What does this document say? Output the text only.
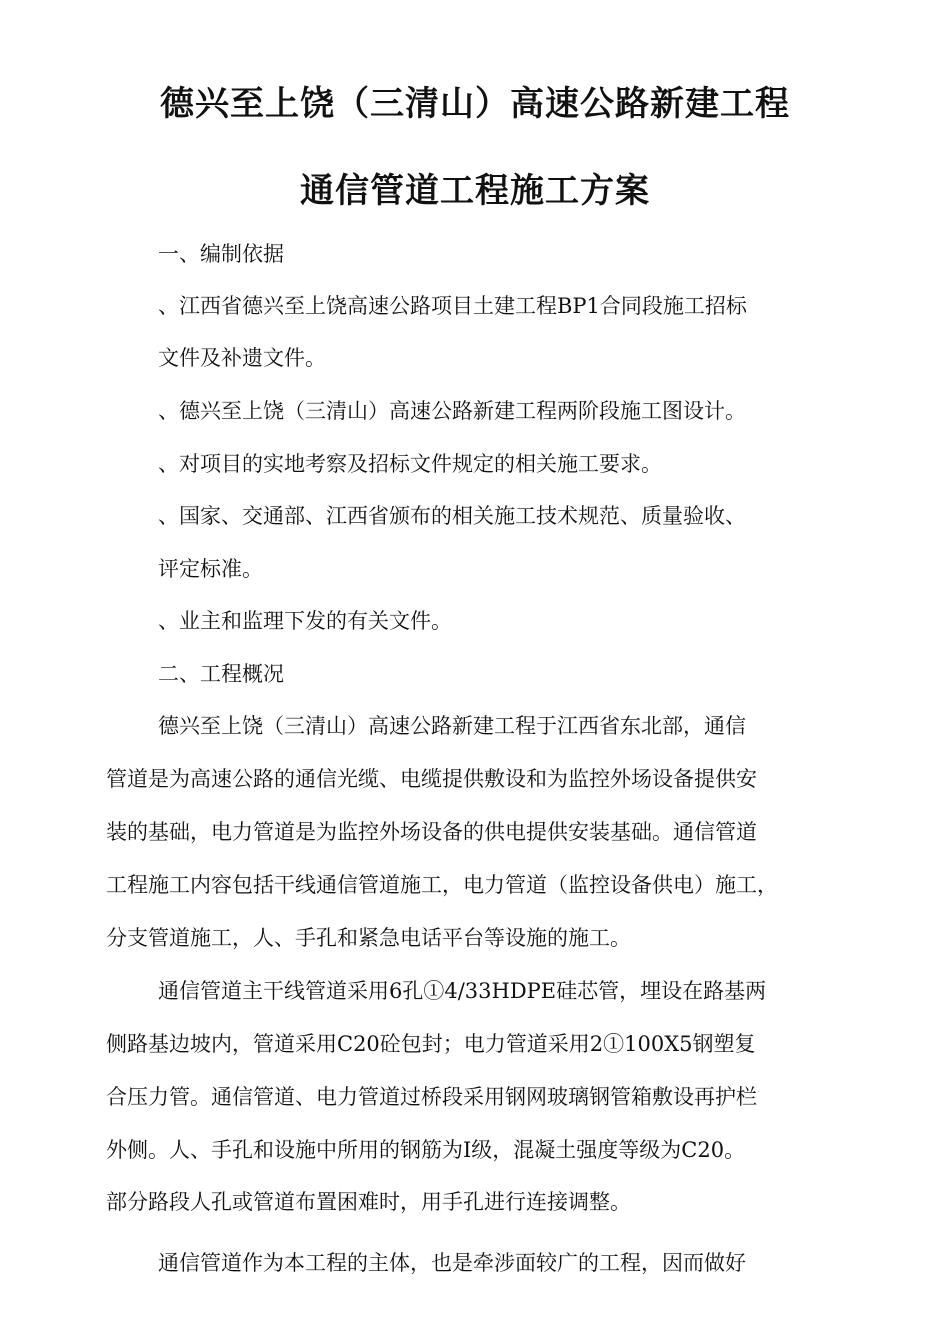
德兴至上饶（三清山）高速公路新建工程
通信管道工程施工方案
一、编制依据
、江西省德兴至上饶高速公路项目土建工程BP1合同段施工招标
文件及补遗文件。
、德兴至上饶（三清山）高速公路新建工程两阶段施工图设计。
、对项目的实地考察及招标文件规定的相关施工要求。
、国家、交通部、江西省颁布的相关施工技术规范、质量验收、
评定标准。
、业主和监理下发的有关文件。
二、工程概况
德兴至上饶（三清山）高速公路新建工程于江西省东北部，通信
管道是为高速公路的通信光缆、电缆提供敷设和为监控外场设备提供安
装的基础，电力管道是为监控外场设备的供电提供安装基础。通信管道
工程施工内容包括干线通信管道施工，电力管道（监控设备供电）施工，
分支管道施工，人、手孔和紧急电话平台等设施的施工。
通信管道主干线管道采用6孔①4/33HDPE硅芯管，埋设在路基两
侧路基边坡内，管道采用C20砼包封；电力管道采用2①100X5钢塑复
合压力管。通信管道、电力管道过桥段采用钢网玻璃钢管箱敷设再护栏
外侧。人、手孔和设施中所用的钢筋为I级，混凝土强度等级为C20。
部分路段人孔或管道布置困难时，用手孔进行连接调整。
通信管道作为本工程的主体，也是牵涉面较广的工程，因而做好
